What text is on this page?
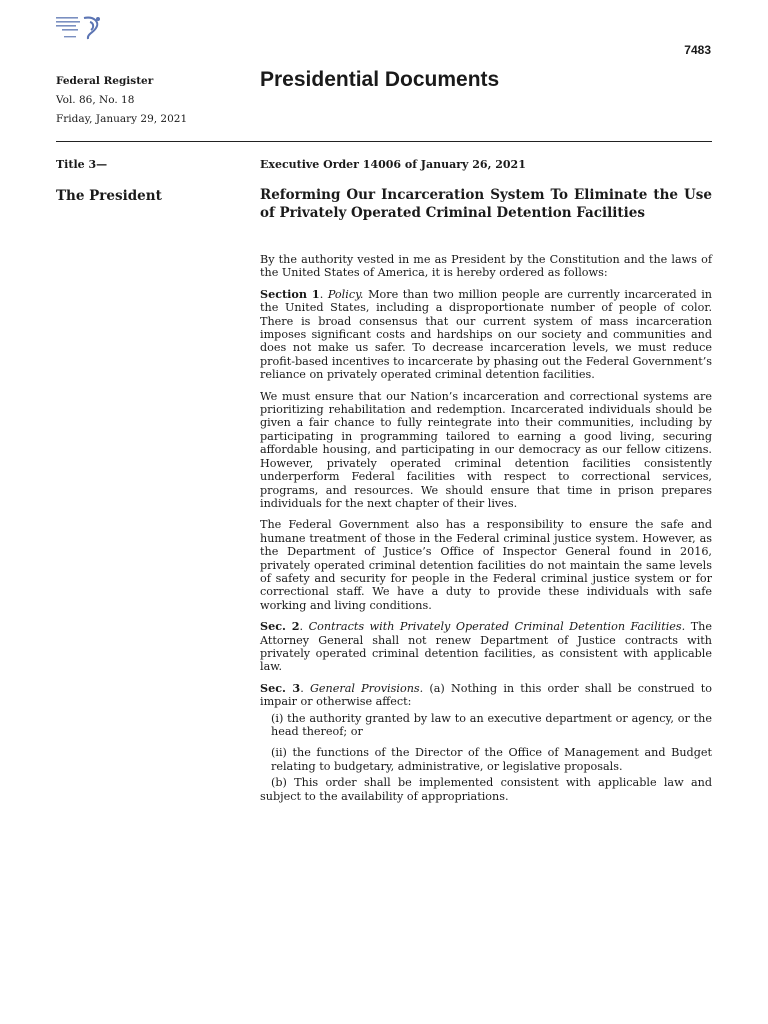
7483
Federal Register
Vol. 86, No. 18
Friday, January 29, 2021
Presidential Documents
Title 3—
The President
Executive Order 14006 of January 26, 2021
Reforming Our Incarceration System To Eliminate the Use of Privately Operated Criminal Detention Facilities

By the authority vested in me as President by the Constitution and the laws of the United States of America, it is hereby ordered as follows:

Section 1. Policy. More than two million people are currently incarcerated in the United States, including a disproportionate number of people of color. There is broad consensus that our current system of mass incarceration imposes significant costs and hardships on our society and communities and does not make us safer. To decrease incarceration levels, we must reduce profit-based incentives to incarcerate by phasing out the Federal Government’s reliance on privately operated criminal detention facilities.

We must ensure that our Nation’s incarceration and correctional systems are prioritizing rehabilitation and redemption. Incarcerated individuals should be given a fair chance to fully reintegrate into their communities, including by participating in programming tailored to earning a good living, securing affordable housing, and participating in our democracy as our fellow citizens. However, privately operated criminal detention facilities consistently underperform Federal facilities with respect to correctional services, programs, and resources. We should ensure that time in prison prepares individuals for the next chapter of their lives.

The Federal Government also has a responsibility to ensure the safe and humane treatment of those in the Federal criminal justice system. However, as the Department of Justice’s Office of Inspector General found in 2016, privately operated criminal detention facilities do not maintain the same levels of safety and security for people in the Federal criminal justice system or for correctional staff. We have a duty to provide these individuals with safe working and living conditions.

Sec. 2. Contracts with Privately Operated Criminal Detention Facilities. The Attorney General shall not renew Department of Justice contracts with privately operated criminal detention facilities, as consistent with applicable law.

Sec. 3. General Provisions. (a) Nothing in this order shall be construed to impair or otherwise affect:

(i) the authority granted by law to an executive department or agency, or the head thereof; or

(ii) the functions of the Director of the Office of Management and Budget relating to budgetary, administrative, or legislative proposals.

(b) This order shall be implemented consistent with applicable law and subject to the availability of appropriations.
